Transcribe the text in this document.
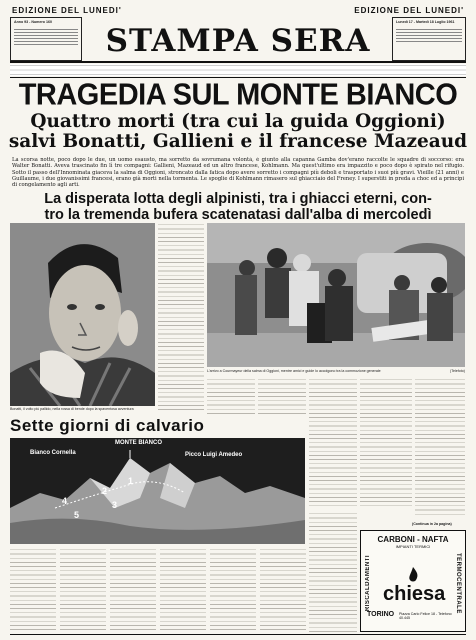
EDIZIONE DEL LUNEDI'	EDIZIONE DEL LUNEDI'
Anno 93 - Numero 160	Lunedì 17 - Martedì 18 Luglio 1961
STAMPA SERA
TRAGEDIA SUL MONTE BIANCO
Quattro morti (tra cui la guida Oggioni)
salvi Bonatti, Gallieni e il francese Mazeaud
La scorsa notte, poco dopo le due, un uomo esausto, ma sorretto da sovrumana volontà, è giunto alla capanna Gamba dov'erano raccolte le squadre di soccorso: era Walter Bonatti. Aveva trascinato fin lì tre compagni: Gallieni, Mazeaud ed un altro francese, Kohlmann. Ma quest'ultimo era impazzito e poco dopo è spirato nel rifugio. Sotto il passo dell'Innominata giaceva la salma di Oggioni, stroncato dalla fatica dopo avere sorretto i compagni più deboli e trasportato i suoi più gravi. Vieille (21 anni) e Guillaume, i due giovanissimi francesi, erano già morti nella tormenta. Le spoglie di Kohlmann rimasero sul ghiacciaio del Freney. I superstiti in preda a choc ed a principi di congelamento agli arti.
La disperata lotta degli alpinisti, tra i ghiacci eterni, con-
tro la tremenda bufera scatenatasi dall'alba di mercoledì
Bonatti, il volto più pallido, nella rossa di bende dopo la spaventosa avventura
L'arrivo a Courmayeur della salma di Oggioni, mentre amici e guide lo accolgono tra la commozione generale	(Telefoto)
Sette giorni di calvario
MONTE BIANCO
Bianco Cornella	Picco Luigi Amedeo
1
2
3
4
5
(Continua in 2a pagina)
CARBONI - NAFTA
IMPIANTI TERMICI
RISCALDAMENTI	TERMOCENTRALE
chiesa
TORINO Piazza Carlo Felice 18 - Telefono 40.445
